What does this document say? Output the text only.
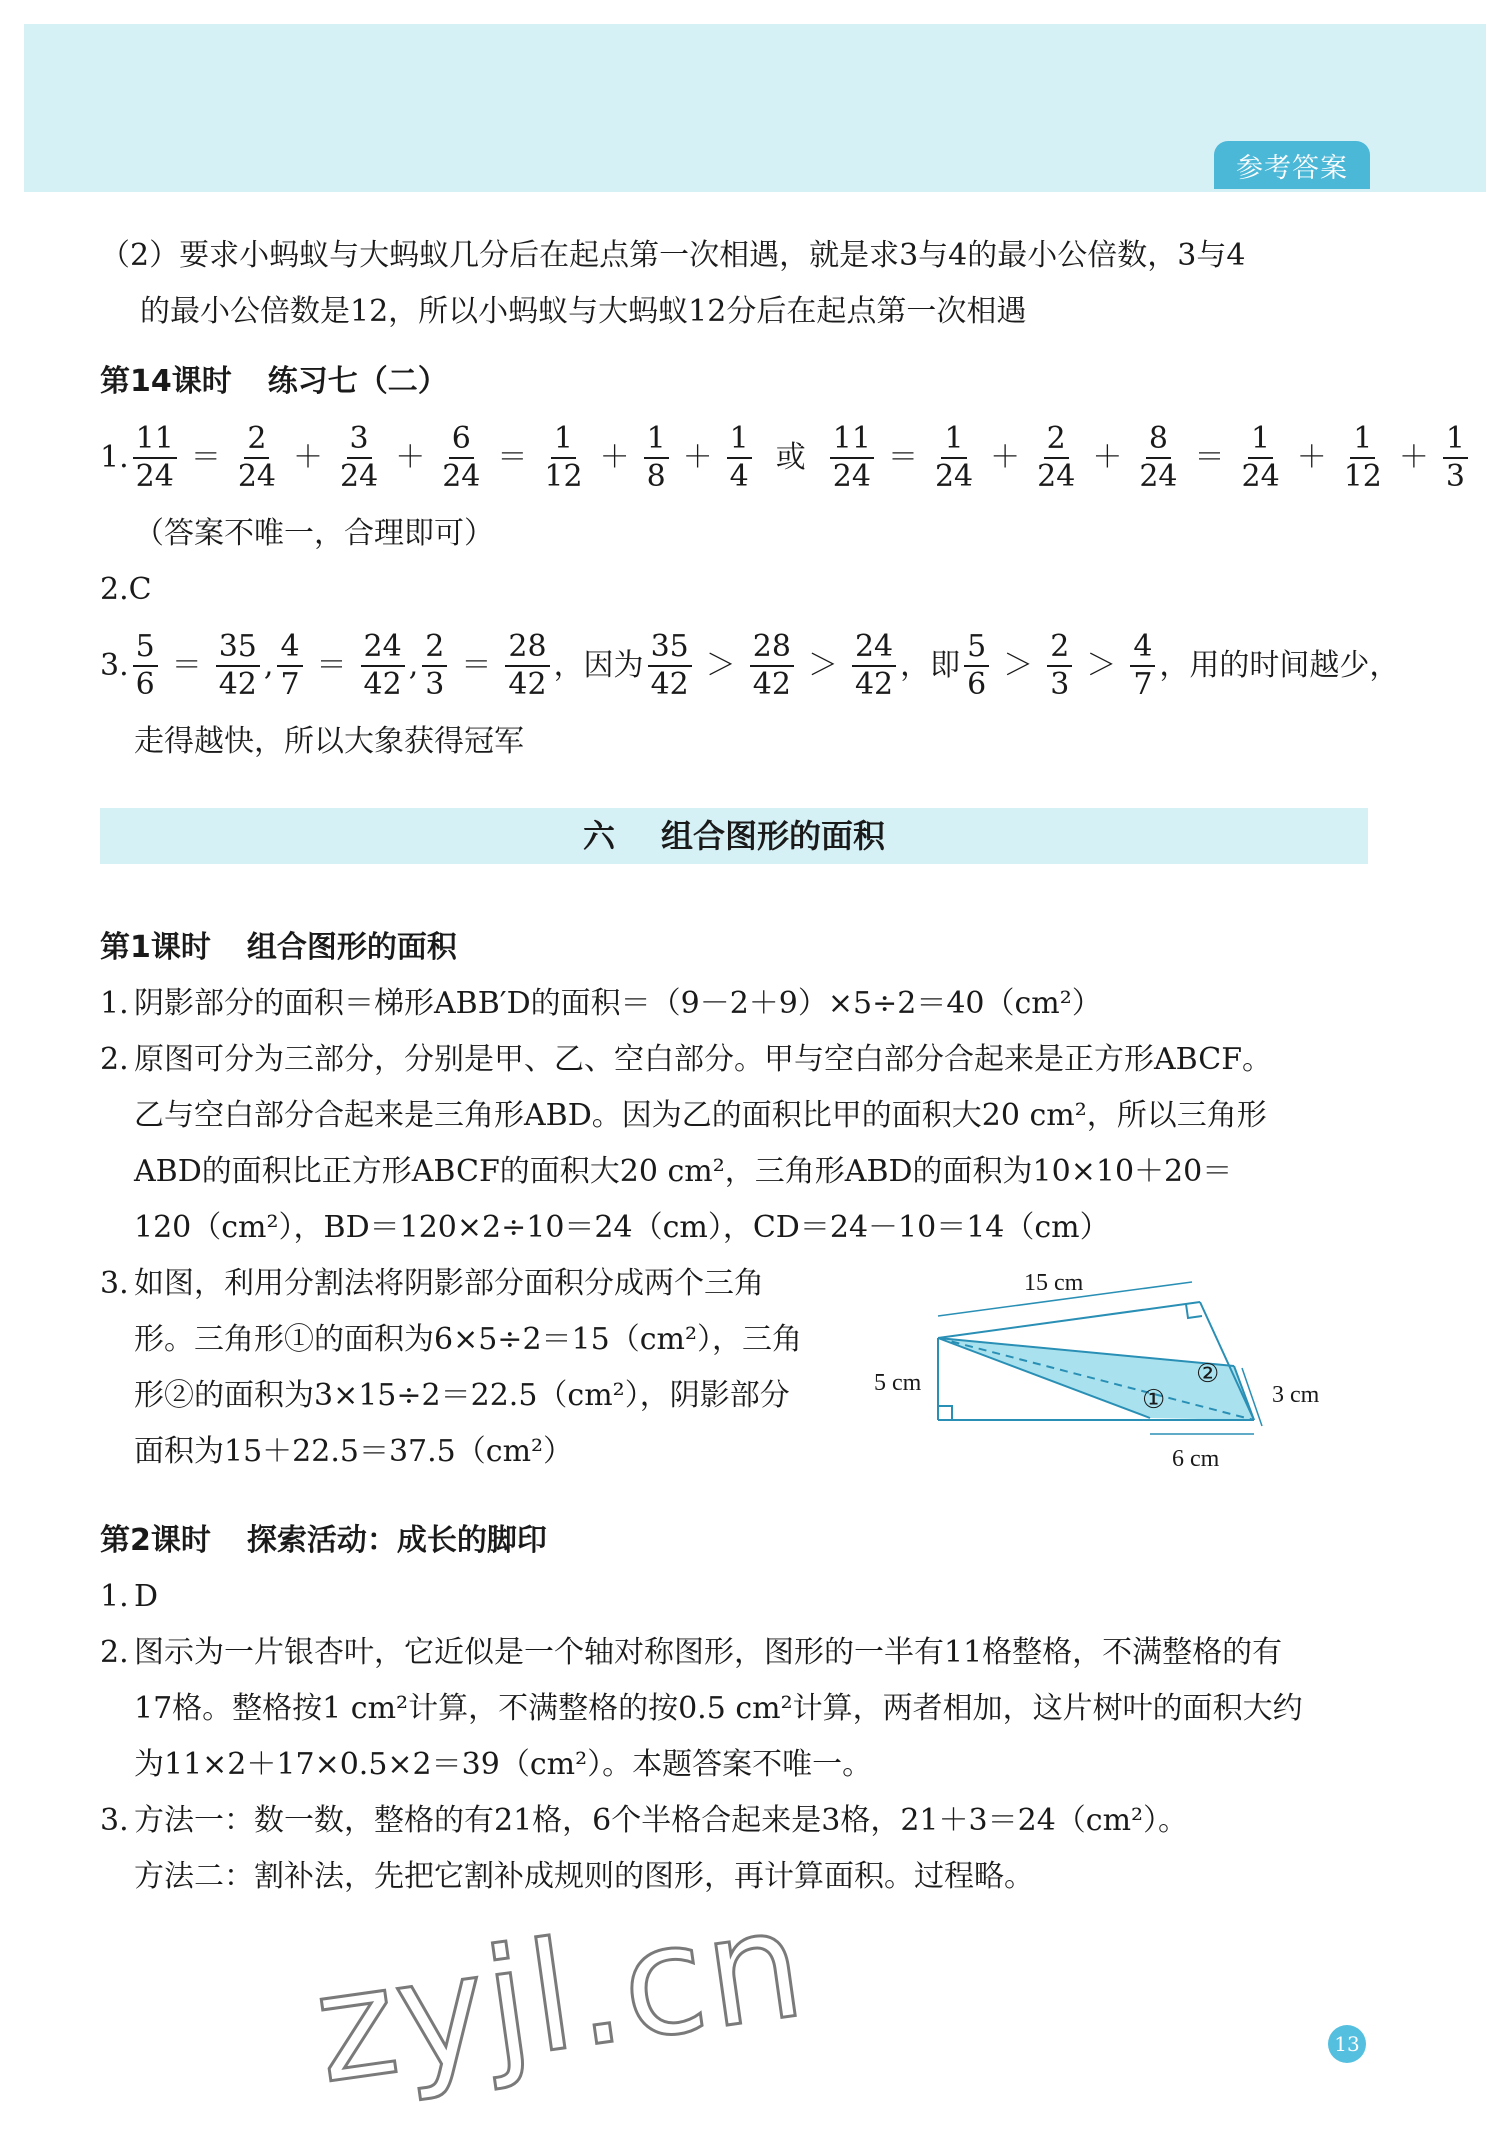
参考答案
（2）要求小蚂蚁与大蚂蚁几分后在起点第一次相遇，就是求3与4的最小公倍数，3与4
的最小公倍数是12，所以小蚂蚁与大蚂蚁12分后在起点第一次相遇
第14课时 练习七（二）
1. $\frac{11}{24} = \frac{2}{24} + \frac{3}{24} + \frac{6}{24} = \frac{1}{12} + \frac{1}{8} + \frac{1}{4}$ 或 $\frac{11}{24} = \frac{1}{24} + \frac{2}{24} + \frac{8}{24} = \frac{1}{24} + \frac{1}{12} + \frac{1}{3}$
（答案不唯一，合理即可）
2.C
3. $\frac{5}{6} = \frac{35}{42}$ , $\frac{4}{7} = \frac{24}{42}$ , $\frac{2}{3} = \frac{28}{42}$ ，因为 $\frac{35}{42} > \frac{28}{42} > \frac{24}{42}$ ，即 $\frac{5}{6} > \frac{2}{3} > \frac{4}{7}$ ，用的时间越少，
走得越快，所以大象获得冠军
六 组合图形的面积
第1课时 组合图形的面积
1. 阴影部分的面积＝梯形ABB′D的面积＝（9－2＋9）×5÷2＝40（cm²）
2. 原图可分为三部分，分别是甲、乙、空白部分。甲与空白部分合起来是正方形ABCF。
乙与空白部分合起来是三角形ABD。因为乙的面积比甲的面积大20 cm²，所以三角形
ABD的面积比正方形ABCF的面积大20 cm²，三角形ABD的面积为10×10＋20＝
120（cm²），BD＝120×2÷10＝24（cm），CD＝24－10＝14（cm）
3. 如图，利用分割法将阴影部分面积分成两个三角
形。三角形①的面积为6×5÷2＝15（cm²），三角
形②的面积为3×15÷2＝22.5（cm²），阴影部分
面积为15＋22.5＝37.5（cm²）
15 cm
5 cm	3 cm
6 cm
①
②
第2课时 探索活动：成长的脚印
1. D
2. 图示为一片银杏叶，它近似是一个轴对称图形，图形的一半有11格整格，不满整格的有
17格。整格按1 cm²计算，不满整格的按0.5 cm²计算，两者相加，这片树叶的面积大约
为11×2＋17×0.5×2＝39（cm²）。本题答案不唯一。
3. 方法一：数一数，整格的有21格，6个半格合起来是3格，21＋3＝24（cm²）。
方法二：割补法，先把它割补成规则的图形，再计算面积。过程略。
zyjl.cn	13
